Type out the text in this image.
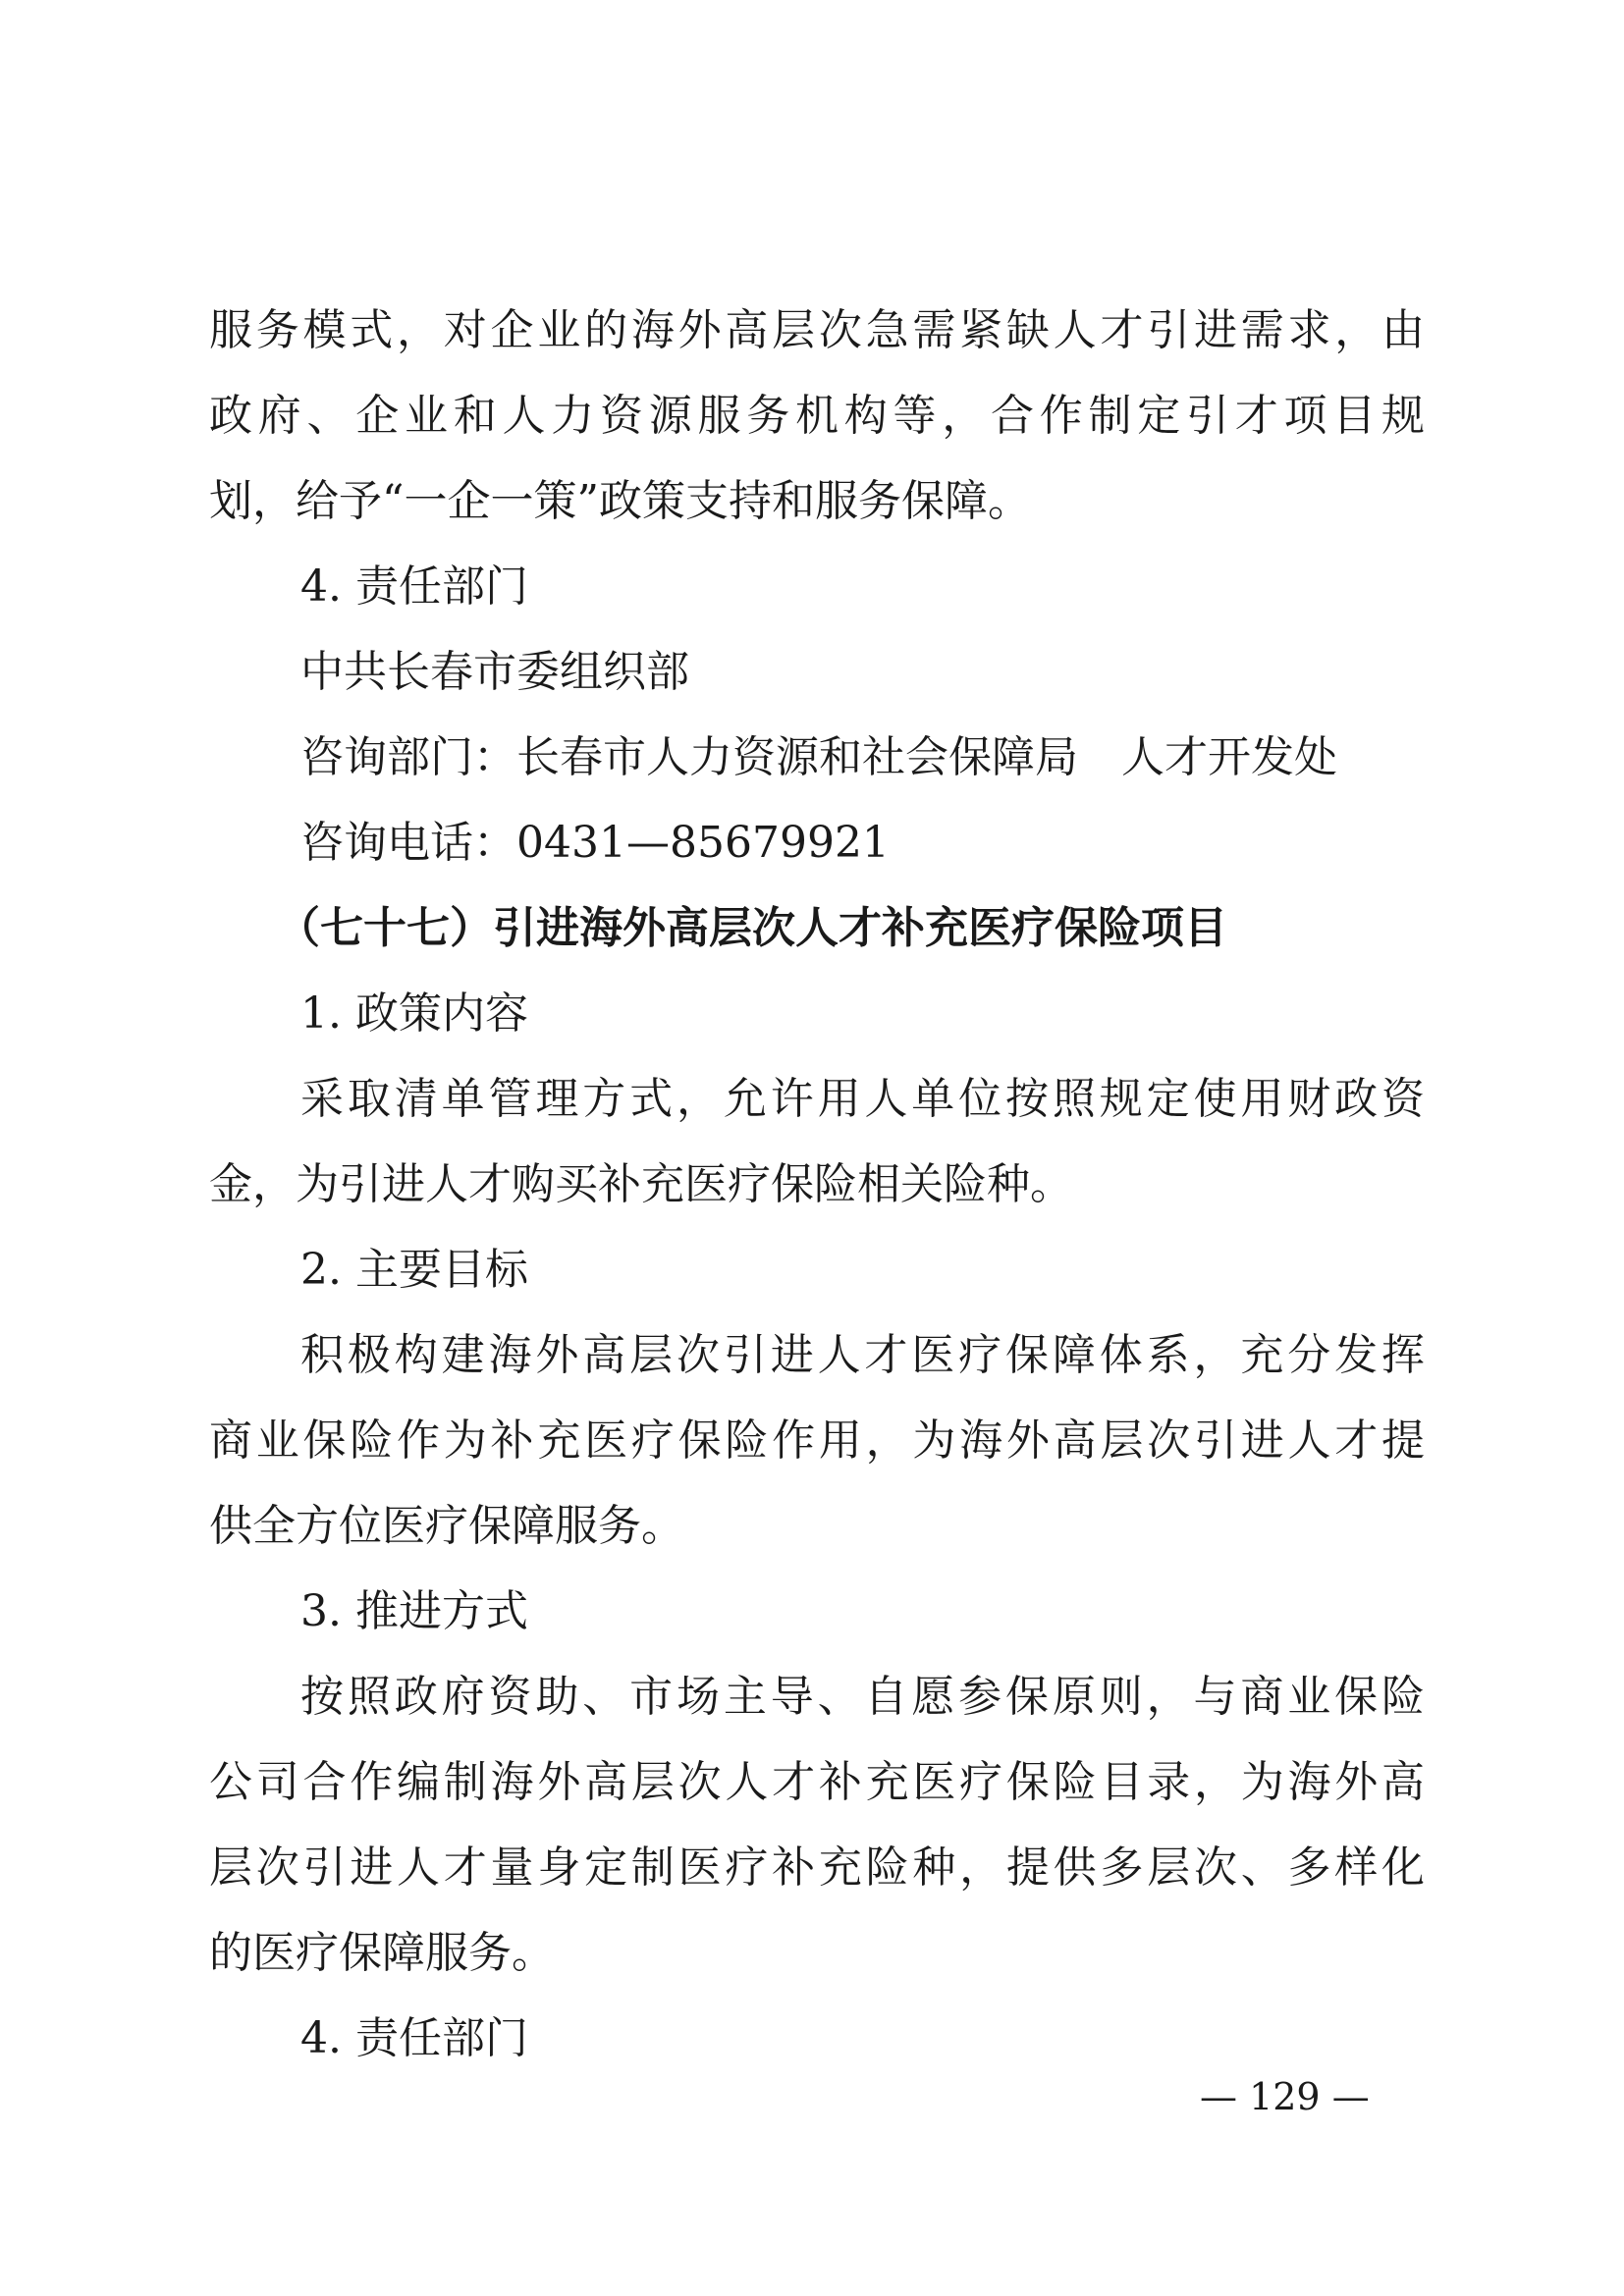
服务模式，对企业的海外高层次急需紧缺人才引进需求，由
政府、企业和人力资源服务机构等，合作制定引才项目规
划，给予“一企一策”政策支持和服务保障。
4. 责任部门
中共长春市委组织部
咨询部门：长春市人力资源和社会保障局　人才开发处
咨询电话：0431—85679921
（七十七）引进海外高层次人才补充医疗保险项目
1. 政策内容
采取清单管理方式，允许用人单位按照规定使用财政资
金，为引进人才购买补充医疗保险相关险种。
2. 主要目标
积极构建海外高层次引进人才医疗保障体系，充分发挥
商业保险作为补充医疗保险作用，为海外高层次引进人才提
供全方位医疗保障服务。
3. 推进方式
按照政府资助、市场主导、自愿参保原则，与商业保险
公司合作编制海外高层次人才补充医疗保险目录，为海外高
层次引进人才量身定制医疗补充险种，提供多层次、多样化
的医疗保障服务。
4. 责任部门
— 129 —
